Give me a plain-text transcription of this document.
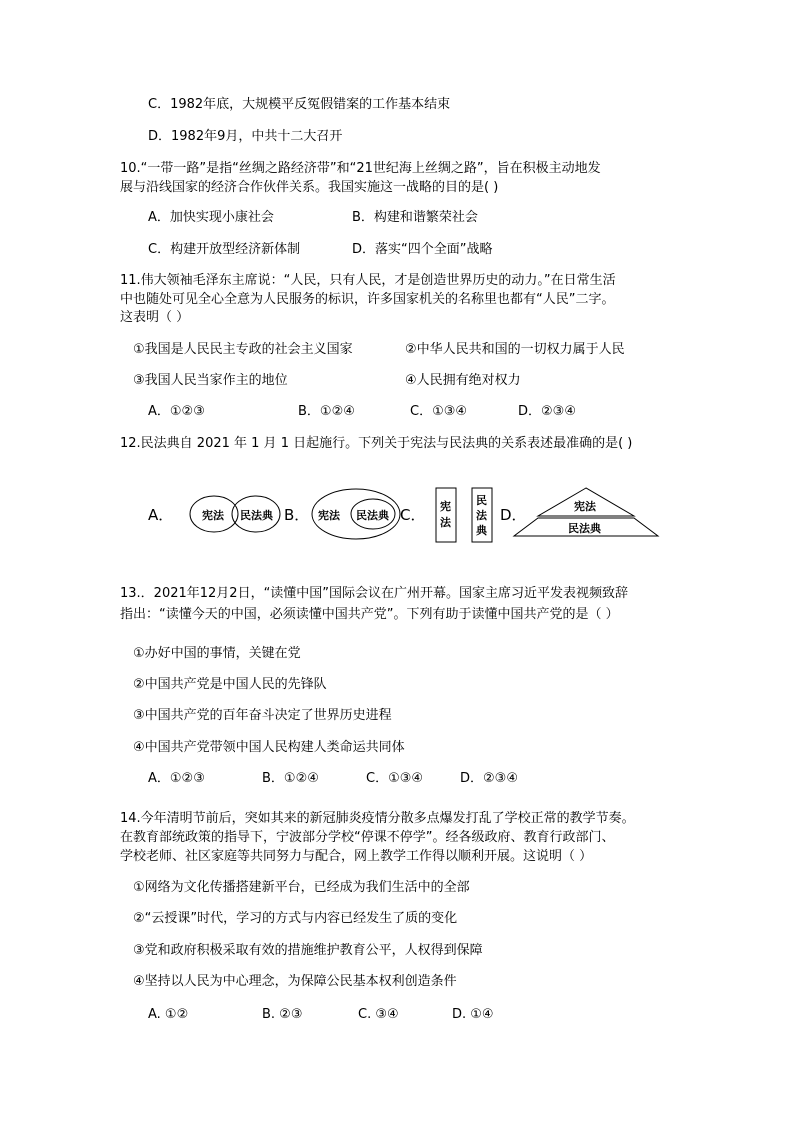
C．1982年底，大规模平反冤假错案的工作基本结束
D．1982年9月，中共十二大召开
10.“一带一路”是指“丝绸之路经济带”和“21世纪海上丝绸之路”，旨在积极主动地发
展与沿线国家的经济合作伙伴关系。我国实施这一战略的目的是( )
A．加快实现小康社会	B．构建和谐繁荣社会
C．构建开放型经济新体制	D．落实“四个全面”战略
11.伟大领袖毛泽东主席说：“人民，只有人民，才是创造世界历史的动力。”在日常生活
中也随处可见全心全意为人民服务的标识，许多国家机关的名称里也都有“人民”二字。
这表明（ ）
①我国是人民民主专政的社会主义国家	②中华人民共和国的一切权力属于人民
③我国人民当家作主的地位	④人民拥有绝对权力
A．①②③	B．①②④	C．①③④	D．②③④
12.民法典自 2021 年 1 月 1 日起施行。下列关于宪法与民法典的关系表述最准确的是( )
A．	宪法 民法典 B． 宪法 民法典 C． 宪
法
民
法
典
D．	宪法
民法典
13.．2021年12月2日，“读懂中国”国际会议在广州开幕。国家主席习近平发表视频致辞
指出：“读懂今天的中国，必须读懂中国共产党”。下列有助于读懂中国共产党的是（ ）
①办好中国的事情，关键在党
②中国共产党是中国人民的先锋队
③中国共产党的百年奋斗决定了世界历史进程
④中国共产党带领中国人民构建人类命运共同体
A．①②③	B．①②④	C．①③④	D．②③④
14.今年清明节前后，突如其来的新冠肺炎疫情分散多点爆发打乱了学校正常的教学节奏。
在教育部统政策的指导下，宁波部分学校“停课不停学”。经各级政府、教育行政部门、
学校老师、社区家庭等共同努力与配合，网上教学工作得以顺利开展。这说明（ ）
①网络为文化传播搭建新平台，已经成为我们生活中的全部
②“云授课”时代，学习的方式与内容已经发生了质的变化
③党和政府积极采取有效的措施维护教育公平，人权得到保障
④坚持以人民为中心理念，为保障公民基本权利创造条件
A. ①②	B. ②③	C. ③④	D. ①④
